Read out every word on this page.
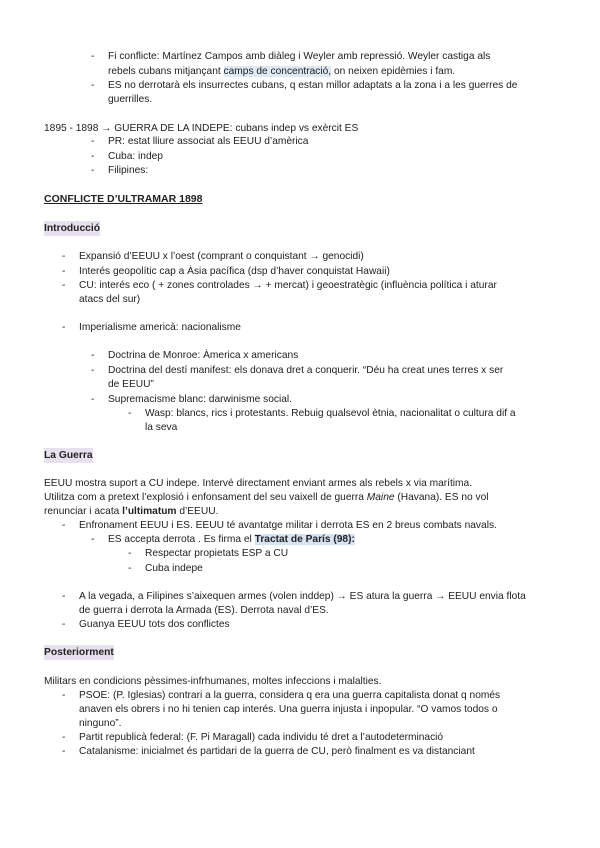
- Fi conflicte: Martínez Campos amb diàleg i Weyler amb repressió. Weyler castiga als
rebels cubans mitjançant camps de concentració, on neixen epidèmies i fam.
- ES no derrotarà els insurrectes cubans, q estan millor adaptats a la zona i a les guerres de
guerrilles.
1895 - 1898 → GUERRA DE LA INDEPE: cubans indep vs exèrcit ES
- PR: estat lliure associat als EEUU d’amèrica
- Cuba: indep
- Filipines:
CONFLICTE D’ULTRAMAR 1898
Introducció
- Expansió d’EEUU x l’oest (comprant o conquistant → genocidi)
- Interés geopolític cap a Àsia pacífica (dsp d’haver conquistat Hawaii)
- CU: interés eco ( + zones controlades → + mercat) i geoestratègic (influència política i aturar
atacs del sur)
- Imperialisme americà: nacionalisme
- Doctrina de Monroe: Àmerica x americans
- Doctrina del destí manifest: els donava dret a conquerir. “Déu ha creat unes terres x ser
de EEUU”
- Supremacisme blanc: darwinisme social.
- Wasp: blancs, rics i protestants. Rebuig qualsevol ètnia, nacionalitat o cultura dif a
la seva
La Guerra
EEUU mostra suport a CU indepe. Intervé directament enviant armes als rebels x via marítima.
Utilitza com a pretext l’explosió i enfonsament del seu vaixell de guerra Maine (Havana). ES no vol
renunciar i acata l’ultimatum d’EEUU.
- Enfronament EEUU i ES. EEUU té avantatge militar i derrota ES en 2 breus combats navals.
- ES accepta derrota . Es firma el Tractat de París (98):
- Respectar propietats ESP a CU
- Cuba indepe
- A la vegada, a Filipines s’aixequen armes (volen inddep) → ES atura la guerra → EEUU envia flota
de guerra i derrota la Armada (ES). Derrota naval d’ES.
- Guanya EEUU tots dos conflictes
Posteriorment
Militars en condicions pèssimes-infrhumanes, moltes infeccions i malalties.
- PSOE: (P. Iglesias) contrari a la guerra, considera q era una guerra capitalista donat q només
anaven els obrers i no hi tenien cap interés. Una guerra injusta i inpopular. “O vamos todos o
ninguno”.
- Partit republicà federal: (F. Pi Maragall) cada individu té dret a l’autodeterminació
- Catalanisme: inicialmet és partidari de la guerra de CU, però finalment es va distanciant
